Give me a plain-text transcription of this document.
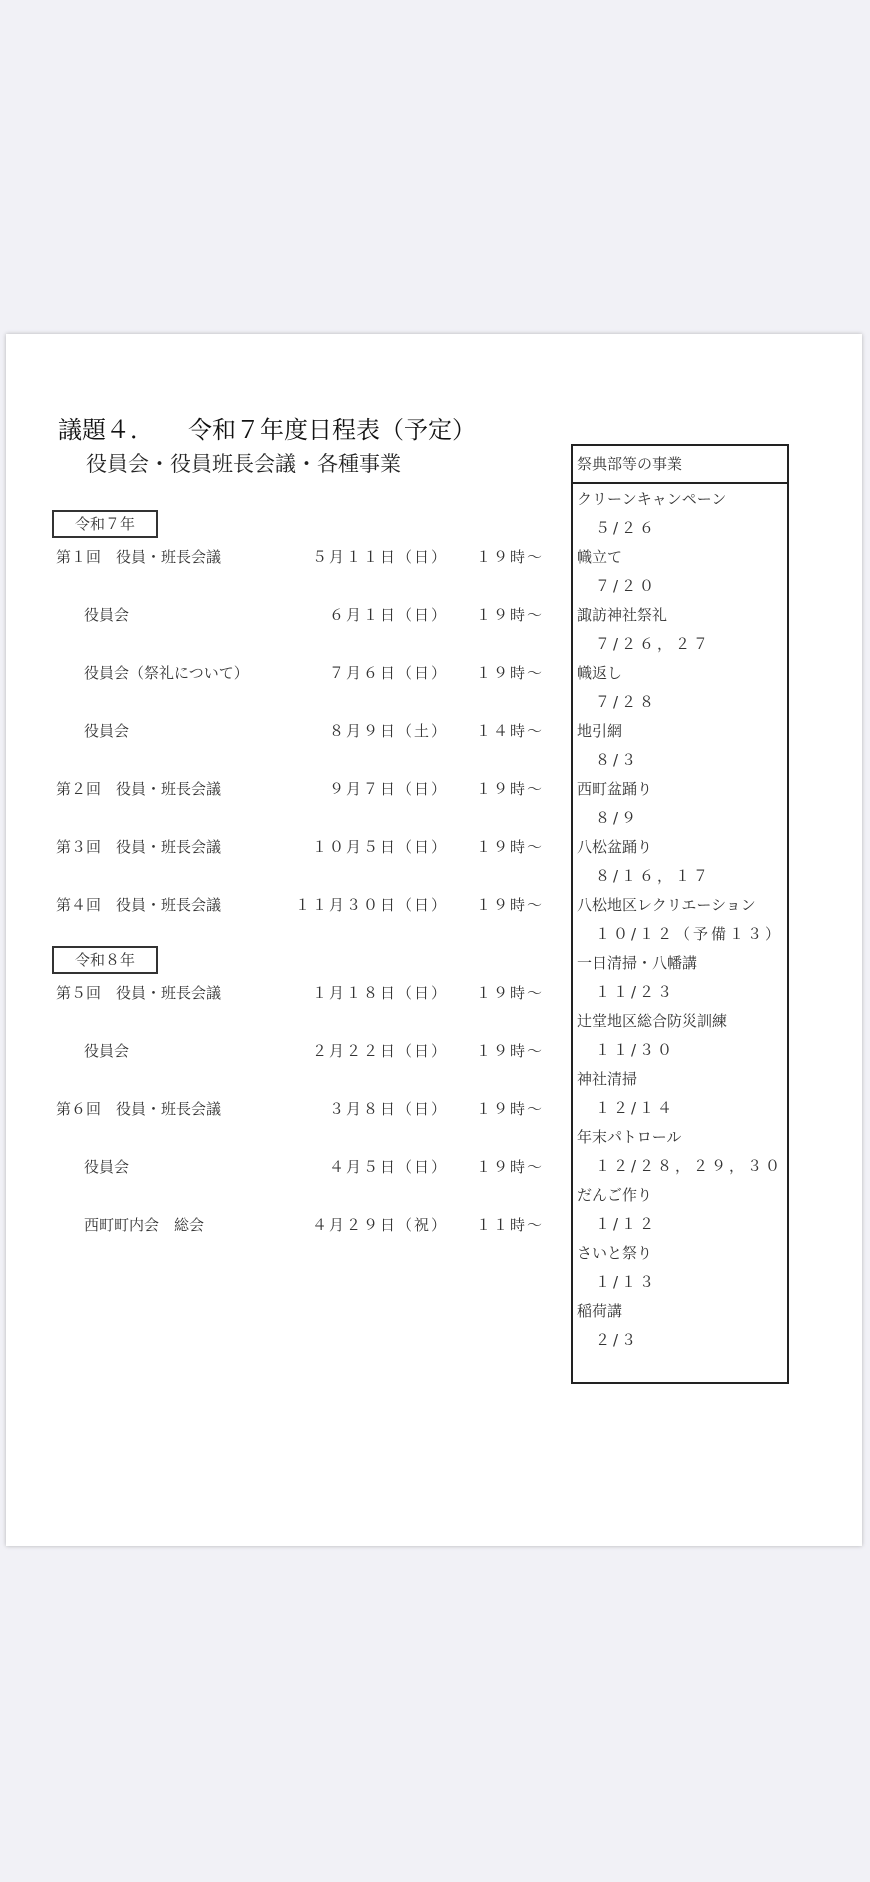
議題４． 令和７年度日程表（予定）
役員会・役員班長会議・各種事業
令和７年
第１回　役員・班長会議	５月１１日（日） １９時〜
役員会	６月１日（日） １９時〜
役員会（祭礼について）	７月６日（日） １９時〜
役員会	８月９日（土） １４時〜
第２回　役員・班長会議	９月７日（日） １９時〜
第３回　役員・班長会議	１０月５日（日） １９時〜
第４回　役員・班長会議	１１月３０日（日） １９時〜
令和８年
第５回　役員・班長会議	１月１８日（日） １９時〜
役員会	２月２２日（日） １９時〜
第６回　役員・班長会議	３月８日（日） １９時〜
役員会	４月５日（日） １９時〜
西町町内会　総会	４月２９日（祝） １１時〜
祭典部等の事業
クリーンキャンペーン
５/２６
幟立て
７/２０
諏訪神社祭礼
７/２６，２７
幟返し
７/２８
地引網
８/３
西町盆踊り
８/９
八松盆踊り
８/１６，１７
八松地区レクリエーション
１０/１２（予備１３）
一日清掃・八幡講
１１/２３
辻堂地区総合防災訓練
１１/３０
神社清掃
１２/１４
年末パトロール
１２/２８，２９，３０
だんご作り
１/１２
さいと祭り
１/１３
稲荷講
２/３
